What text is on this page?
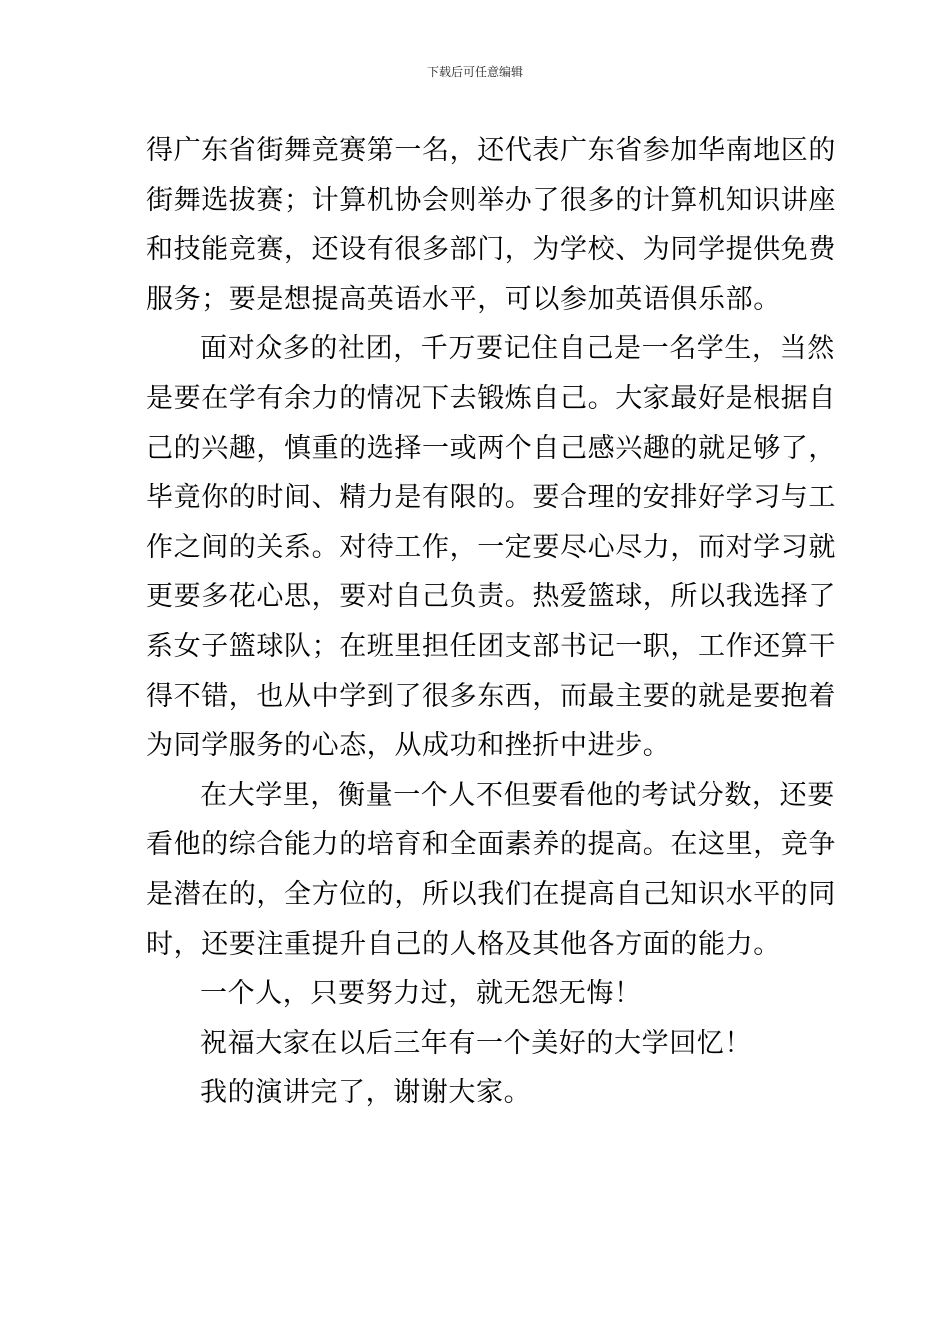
下载后可任意编辑
得广东省街舞竞赛第一名，还代表广东省参加华南地区的
街舞选拔赛；计算机协会则举办了很多的计算机知识讲座
和技能竞赛，还设有很多部门，为学校、为同学提供免费
服务；要是想提高英语水平，可以参加英语俱乐部。
面对众多的社团，千万要记住自己是一名学生，当然
是要在学有余力的情况下去锻炼自己。大家最好是根据自
己的兴趣，慎重的选择一或两个自己感兴趣的就足够了，
毕竟你的时间、精力是有限的。要合理的安排好学习与工
作之间的关系。对待工作，一定要尽心尽力，而对学习就
更要多花心思，要对自己负责。热爱篮球，所以我选择了
系女子篮球队；在班里担任团支部书记一职，工作还算干
得不错，也从中学到了很多东西，而最主要的就是要抱着
为同学服务的心态，从成功和挫折中进步。
在大学里，衡量一个人不但要看他的考试分数，还要
看他的综合能力的培育和全面素养的提高。在这里，竞争
是潜在的，全方位的，所以我们在提高自己知识水平的同
时，还要注重提升自己的人格及其他各方面的能力。
一个人，只要努力过，就无怨无悔！
祝福大家在以后三年有一个美好的大学回忆！
我的演讲完了，谢谢大家。
